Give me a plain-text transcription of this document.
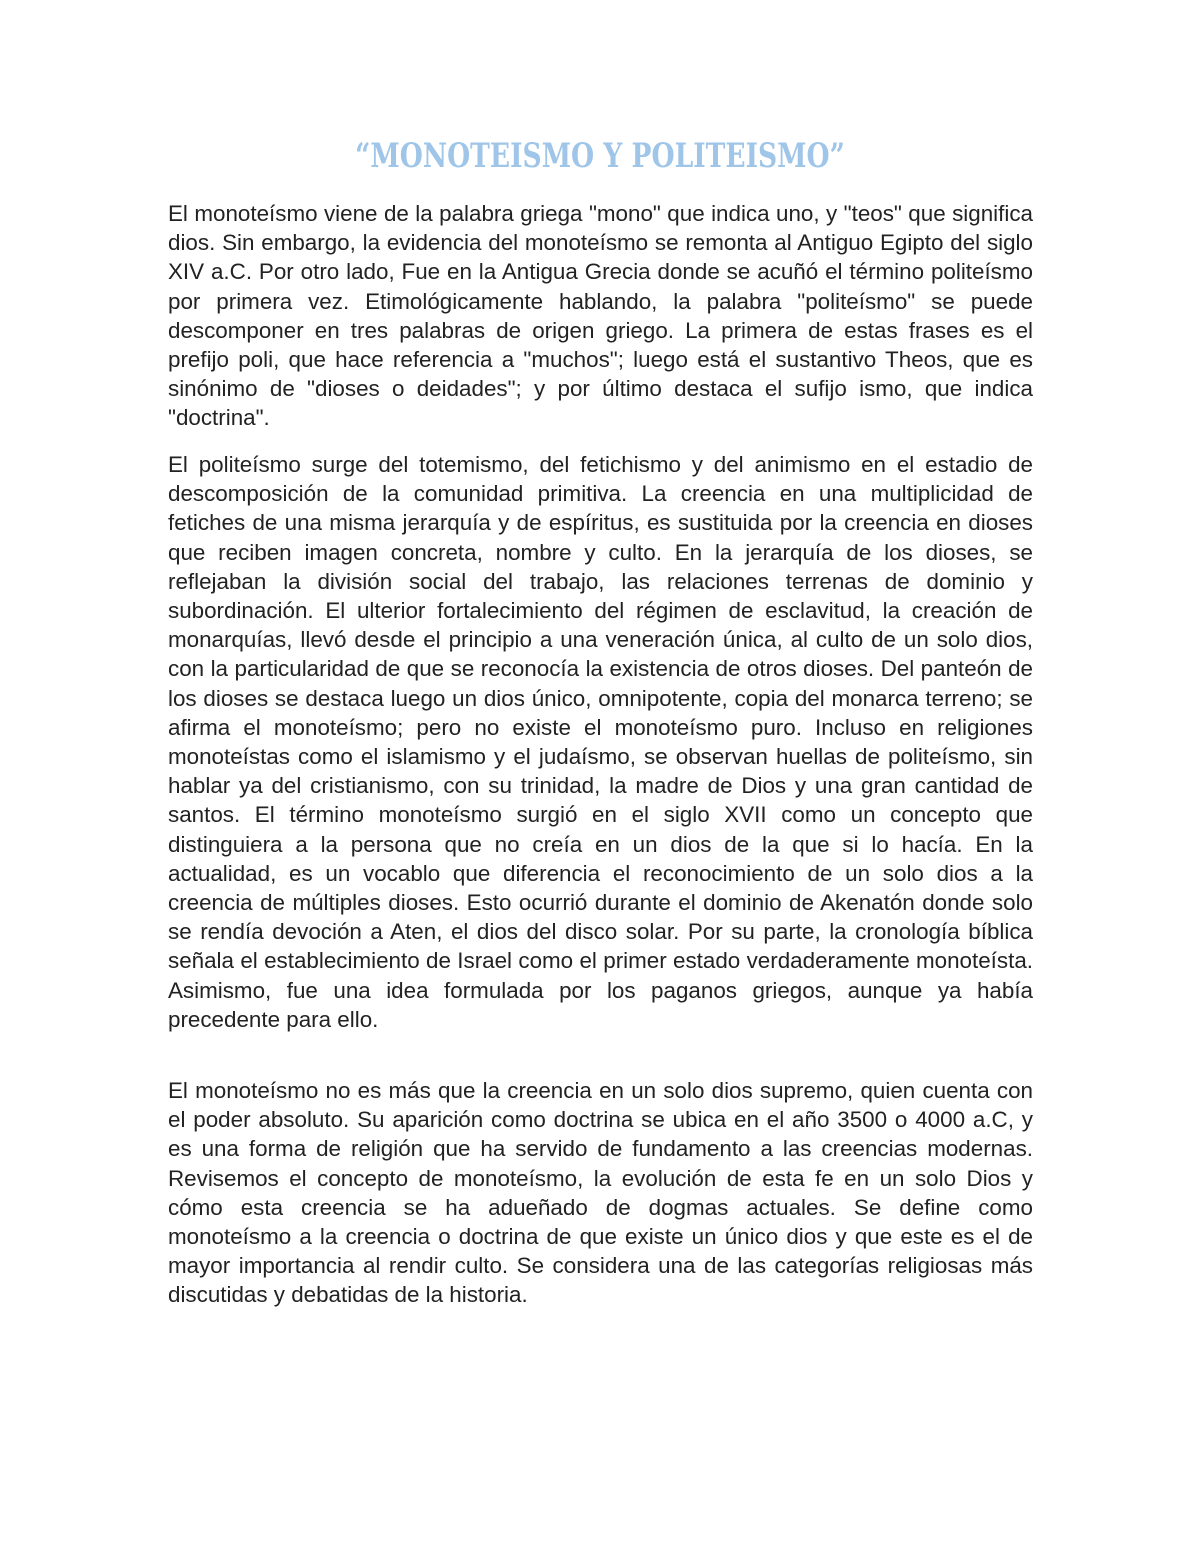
“MONOTEISMO Y POLITEISMO”

El monoteísmo viene de la palabra griega "mono" que indica uno, y "teos" que significa dios. Sin embargo, la evidencia del monoteísmo se remonta al Antiguo Egipto del siglo XIV a.C. Por otro lado, Fue en la Antigua Grecia donde se acuñó el término politeísmo por primera vez. Etimológicamente hablando, la palabra "politeísmo" se puede descomponer en tres palabras de origen griego. La primera de estas frases es el prefijo poli, que hace referencia a "muchos"; luego está el sustantivo Theos, que es sinónimo de "dioses o deidades"; y por último destaca el sufijo ismo, que indica "doctrina".

El politeísmo surge del totemismo, del fetichismo y del animismo en el estadio de descomposición de la comunidad primitiva. La creencia en una multiplicidad de fetiches de una misma jerarquía y de espíritus, es sustituida por la creencia en dioses que reciben imagen concreta, nombre y culto. En la jerarquía de los dioses, se reflejaban la división social del trabajo, las relaciones terrenas de dominio y subordinación. El ulterior fortalecimiento del régimen de esclavitud, la creación de monarquías, llevó desde el principio a una veneración única, al culto de un solo dios, con la particularidad de que se reconocía la existencia de otros dioses. Del panteón de los dioses se destaca luego un dios único, omnipotente, copia del monarca terreno; se afirma el monoteísmo; pero no existe el monoteísmo puro. Incluso en religiones monoteístas como el islamismo y el judaísmo, se observan huellas de politeísmo, sin hablar ya del cristianismo, con su trinidad, la madre de Dios y una gran cantidad de santos. El término monoteísmo surgió en el siglo XVII como un concepto que distinguiera a la persona que no creía en un dios de la que si lo hacía. En la actualidad, es un vocablo que diferencia el reconocimiento de un solo dios a la creencia de múltiples dioses. Esto ocurrió durante el dominio de Akenatón donde solo se rendía devoción a Aten, el dios del disco solar. Por su parte, la cronología bíblica señala el establecimiento de Israel como el primer estado verdaderamente monoteísta. Asimismo, fue una idea formulada por los paganos griegos, aunque ya había precedente para ello.

El monoteísmo no es más que la creencia en un solo dios supremo, quien cuenta con el poder absoluto. Su aparición como doctrina se ubica en el año 3500 o 4000 a.C, y es una forma de religión que ha servido de fundamento a las creencias modernas. Revisemos el concepto de monoteísmo, la evolución de esta fe en un solo Dios y cómo esta creencia se ha adueñado de dogmas actuales. Se define como monoteísmo a la creencia o doctrina de que existe un único dios y que este es el de mayor importancia al rendir culto. Se considera una de las categorías religiosas más discutidas y debatidas de la historia.
